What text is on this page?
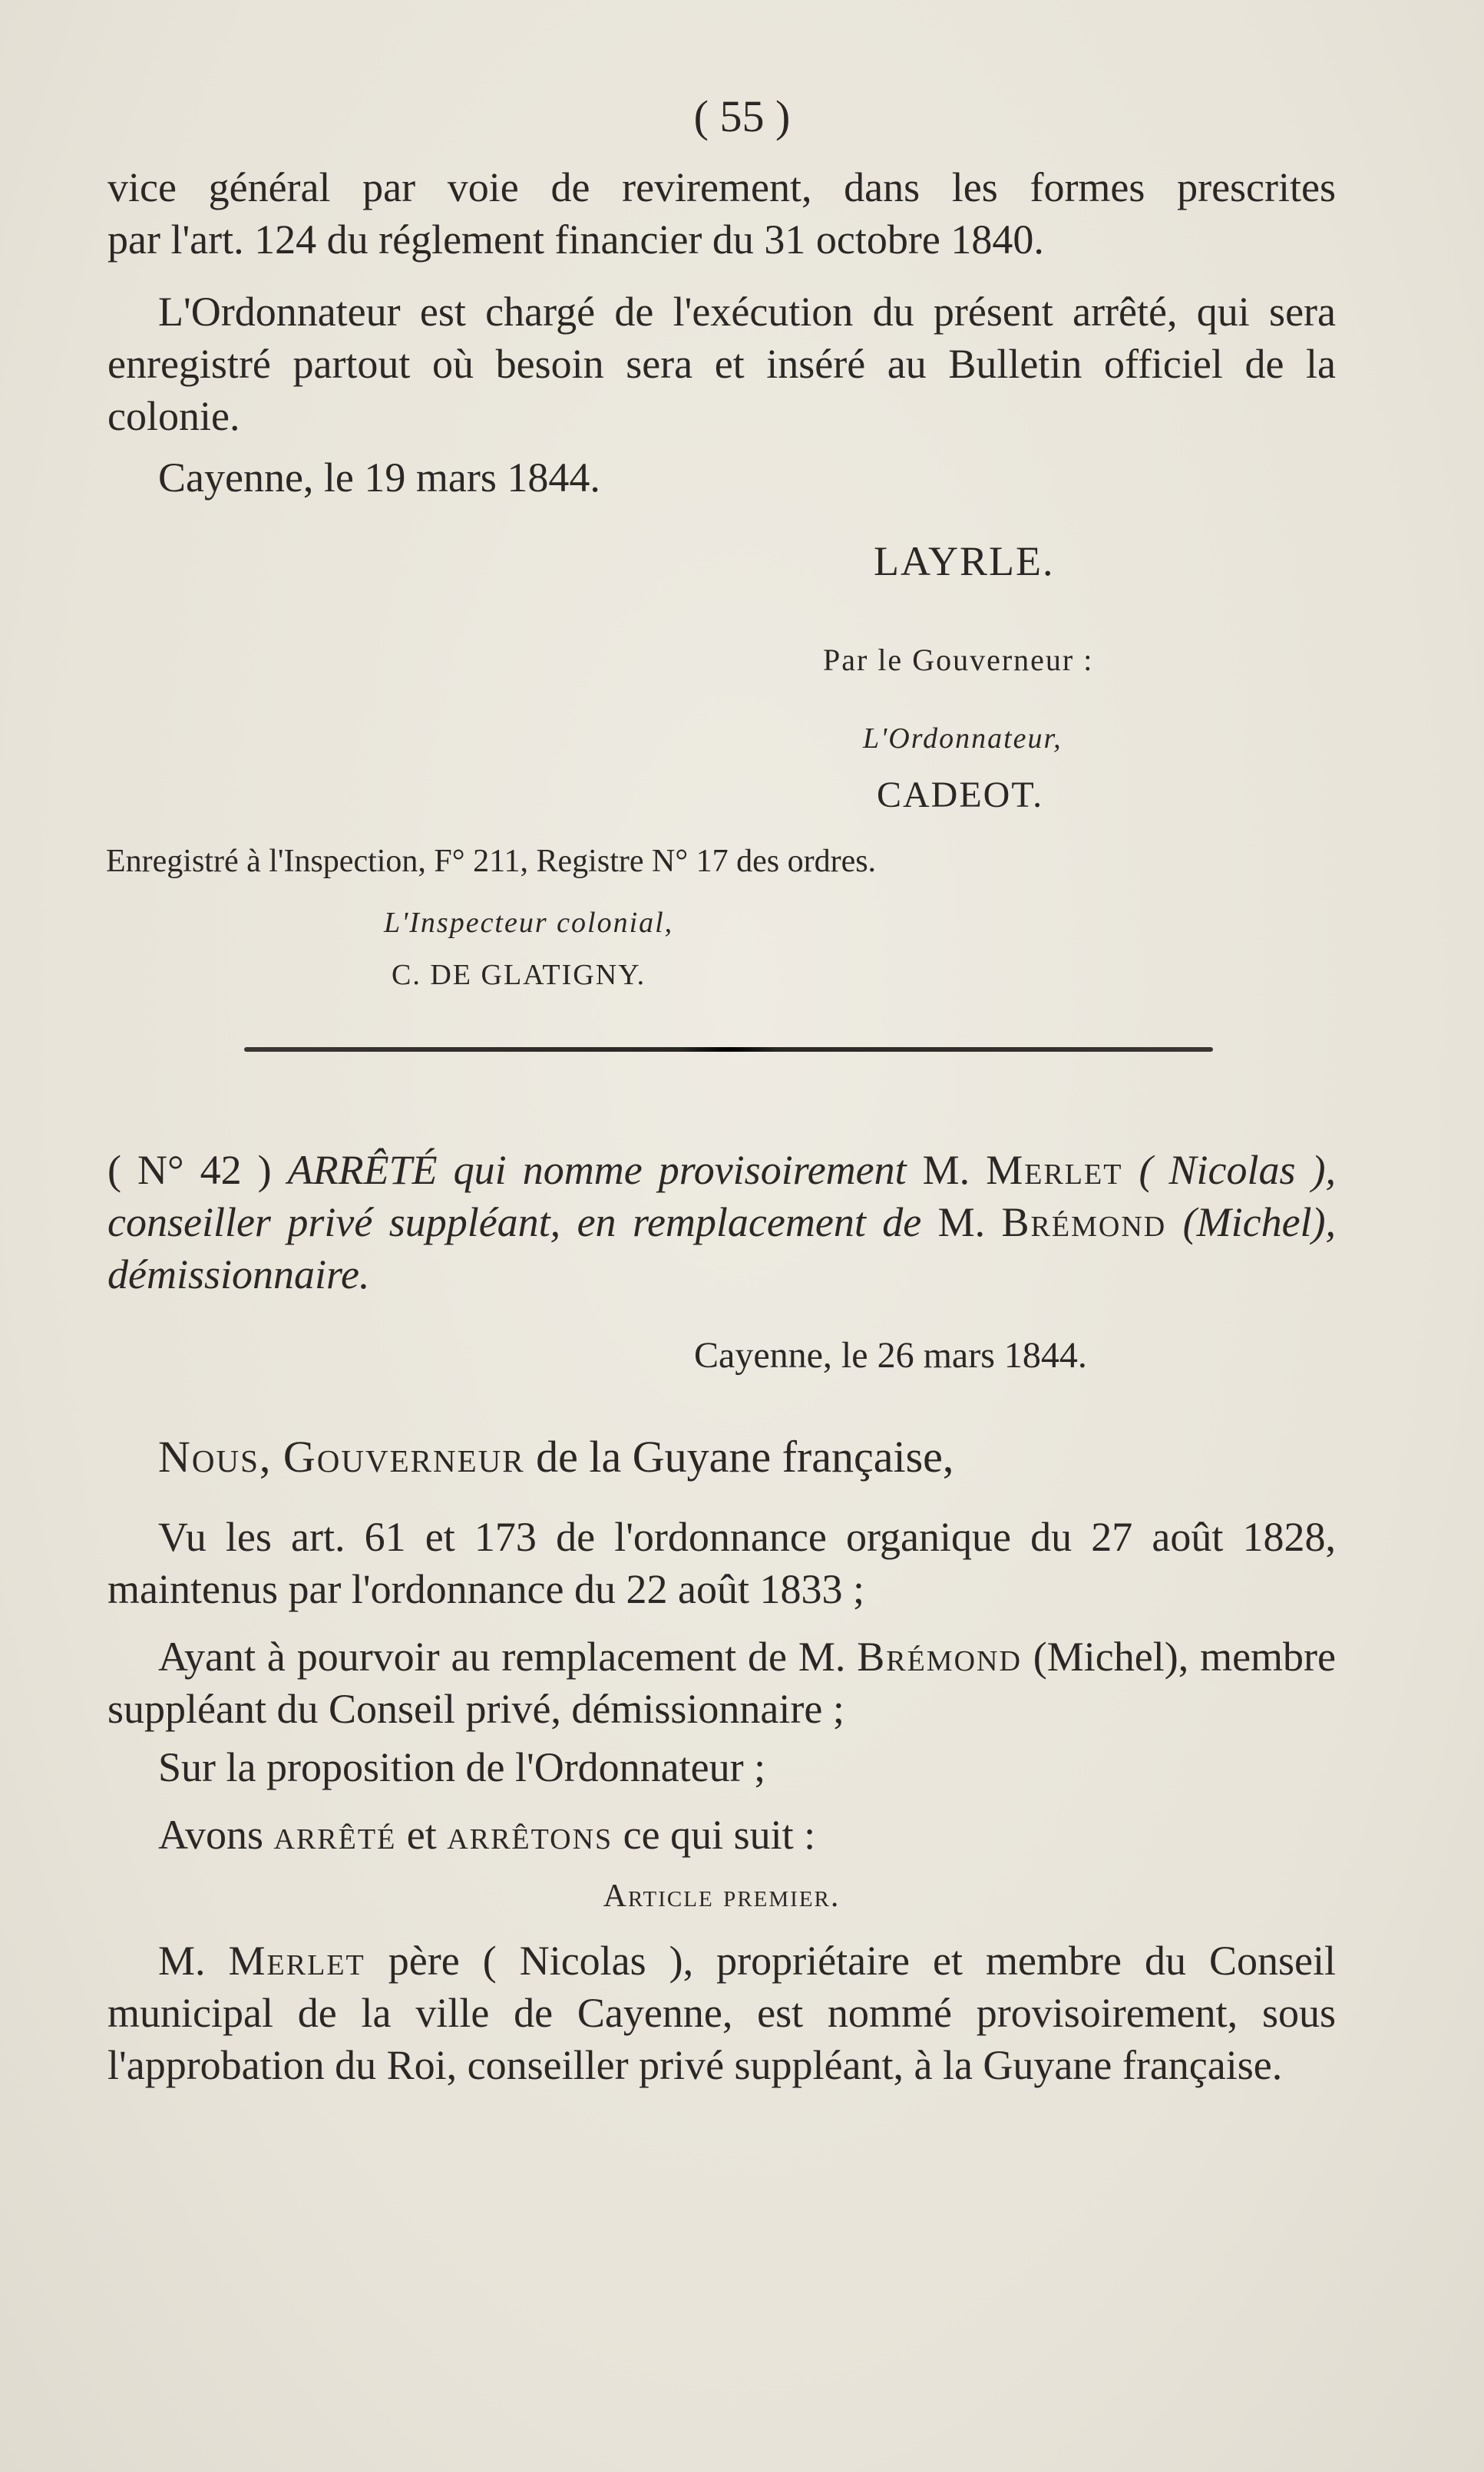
( 55 )

vice général par voie de revirement, dans les formes prescrites

par l'art. 124 du réglement financier du 31 octobre 1840.

L'Ordonnateur est chargé de l'exécution du présent arrêté, qui sera enregistré partout où besoin sera et inséré au Bulletin officiel de la colonie.

Cayenne, le 19 mars 1844.

LAYRLE.
Par le Gouverneur :
L'Ordonnateur,
CADEOT.
Enregistré à l'Inspection, F° 211, Registre N° 17 des ordres.
L'Inspecteur colonial,
C. DE GLATIGNY.

( N° 42 ) ARRÊTÉ qui nomme provisoirement M. Merlet ( Nicolas ), conseiller privé suppléant, en remplacement de M. Brémond (Michel), démissionnaire.

Cayenne, le 26 mars 1844.

Nous, Gouverneur de la Guyane française,

Vu les art. 61 et 173 de l'ordonnance organique du 27 août 1828, maintenus par l'ordonnance du 22 août 1833 ;

Ayant à pourvoir au remplacement de M. Brémond (Michel), membre suppléant du Conseil privé, démissionnaire ;

Sur la proposition de l'Ordonnateur ;

Avons arrêté et arrêtons ce qui suit :

Article premier.

M. Merlet père ( Nicolas ), propriétaire et membre du Conseil municipal de la ville de Cayenne, est nommé provisoirement, sous l'approbation du Roi, conseiller privé suppléant, à la Guyane française.
